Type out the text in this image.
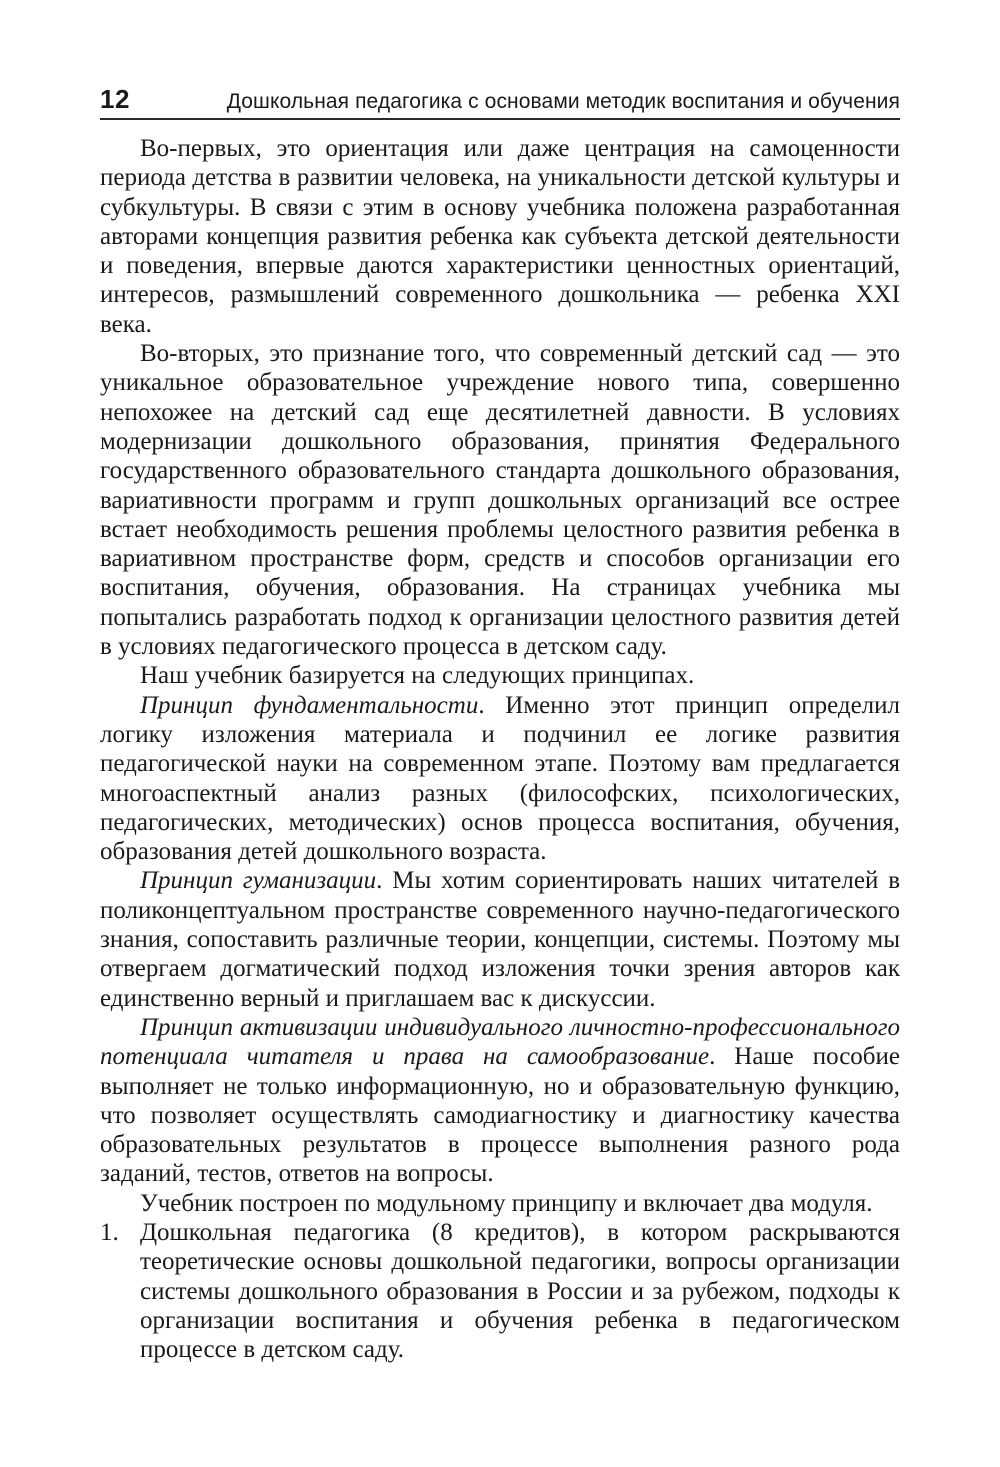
12	Дошкольная педагогика с основами методик воспитания и обучения

Во-первых, это ориентация или даже центрация на самоценности периода детства в развитии человека, на уникальности детской культуры и субкультуры. В связи с этим в основу учебника положена разработанная авторами концепция развития ребенка как субъекта детской деятельности и поведения, впервые даются характеристики ценностных ориентаций, интересов, размышлений современного дошкольника — ребенка XXI века.

Во-вторых, это признание того, что современный детский сад — это уникальное образовательное учреждение нового типа, совершенно непохожее на детский сад еще десятилетней давности. В условиях модернизации дошкольного образования, принятия Федерального государственного образовательного стандарта дошкольного образования, вариативности программ и групп дошкольных организаций все острее встает необходимость решения проблемы целостного развития ребенка в вариативном пространстве форм, средств и способов организации его воспитания, обучения, образования. На страницах учебника мы попытались разработать подход к организации целостного развития детей в условиях педагогического процесса в детском саду.

Наш учебник базируется на следующих принципах.

Принцип фундаментальности. Именно этот принцип определил логику изложения материала и подчинил ее логике развития педагогической науки на современном этапе. Поэтому вам предлагается многоаспектный анализ разных (философских, психологических, педагогических, методических) основ процесса воспитания, обучения, образования детей дошкольного возраста.

Принцип гуманизации. Мы хотим сориентировать наших читателей в поликонцептуальном пространстве современного научно-педагогического знания, сопоставить различные теории, концепции, системы. Поэтому мы отвергаем догматический подход изложения точки зрения авторов как единственно верный и приглашаем вас к дискуссии.

Принцип активизации индивидуального личностно-профессионального потенциала читателя и права на самообразование. Наше пособие выполняет не только информационную, но и образовательную функцию, что позволяет осуществлять самодиагностику и диагностику качества образовательных результатов в процессе выполнения разного рода заданий, тестов, ответов на вопросы.

Учебник построен по модульному принципу и включает два модуля.

1. Дошкольная педагогика (8 кредитов), в котором раскрываются теоретические основы дошкольной педагогики, вопросы организации системы дошкольного образования в России и за рубежом, подходы к организации воспитания и обучения ребенка в педагогическом процессе в детском саду.
